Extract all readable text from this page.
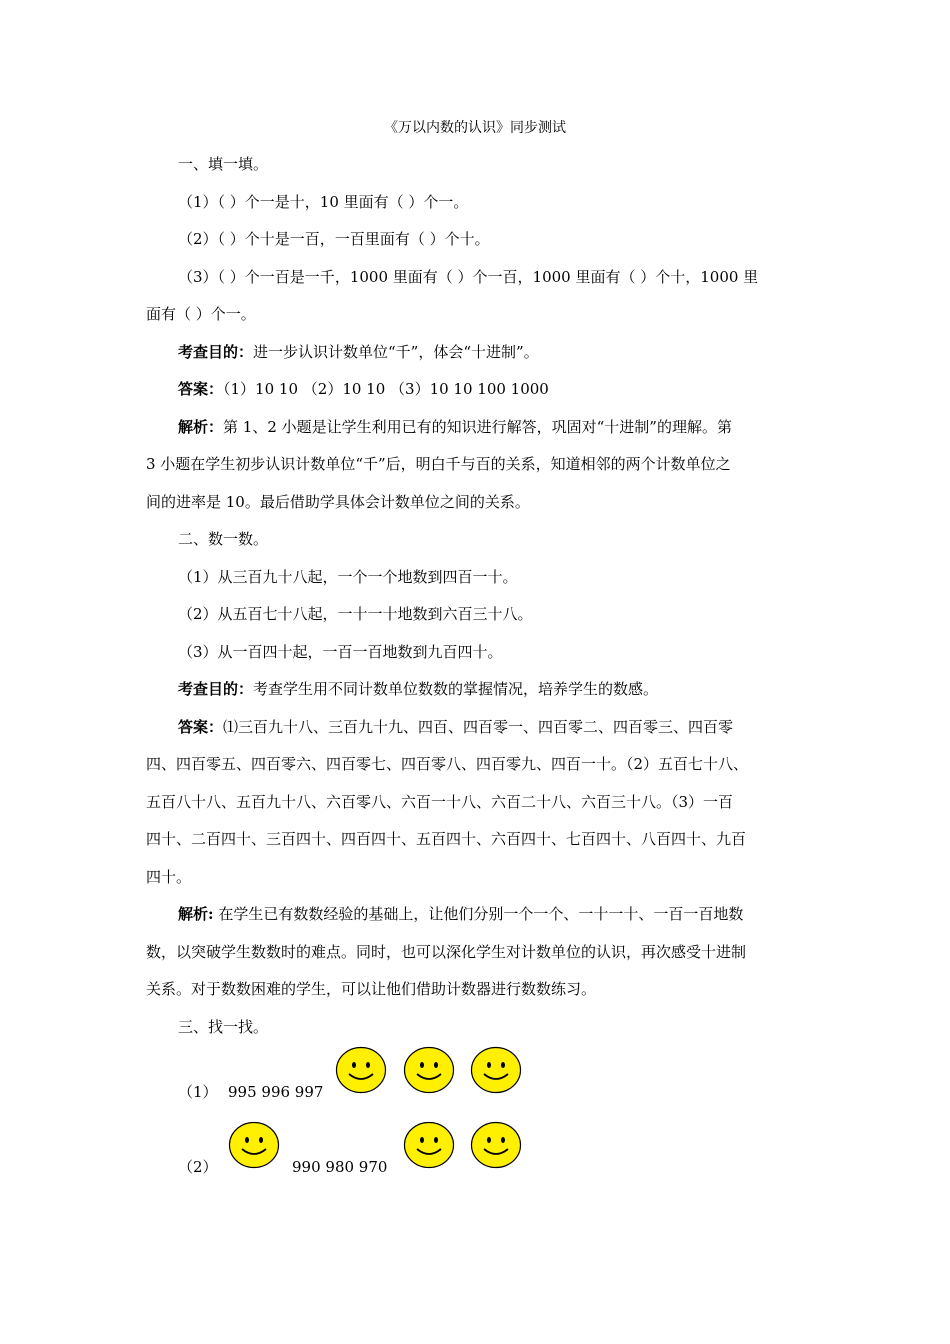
《万以内数的认识》同步测试

一、填一填。

（1）（ ）个一是十，10 里面有（ ）个一。

（2）（ ）个十是一百，一百里面有（ ）个十。

（3）（ ）个一百是一千，1000 里面有（ ）个一百，1000 里面有（ ）个十，1000 里
面有（ ）个一。

考查目的：进一步认识计数单位“千”，体会“十进制”。

答案：（1）10 10 （2）10 10 （3）10 10 100 1000

解析：第 1、2 小题是让学生利用已有的知识进行解答，巩固对“十进制”的理解。第
3 小题在学生初步认识计数单位“千”后，明白千与百的关系，知道相邻的两个计数单位之
间的进率是 10。最后借助学具体会计数单位之间的关系。

二、数一数。

（1）从三百九十八起，一个一个地数到四百一十。

（2）从五百七十八起，一十一十地数到六百三十八。

（3）从一百四十起，一百一百地数到九百四十。

考查目的：考查学生用不同计数单位数数的掌握情况，培养学生的数感。

答案：⑴三百九十八、三百九十九、四百、四百零一、四百零二、四百零三、四百零
四、四百零五、四百零六、四百零七、四百零八、四百零九、四百一十。（2）五百七十八、
五百八十八、五百九十八、六百零八、六百一十八、六百二十八、六百三十八。（3）一百
四十、二百四十、三百四十、四百四十、五百四十、六百四十、七百四十、八百四十、九百
四十。

解析: 在学生已有数数经验的基础上，让他们分别一个一个、一十一十、一百一百地数
数，以突破学生数数时的难点。同时，也可以深化学生对计数单位的认识，再次感受十进制
关系。对于数数困难的学生，可以让他们借助计数器进行数数练习。

三、找一找。

（1） 995 996 997
（2）	990 980 970
